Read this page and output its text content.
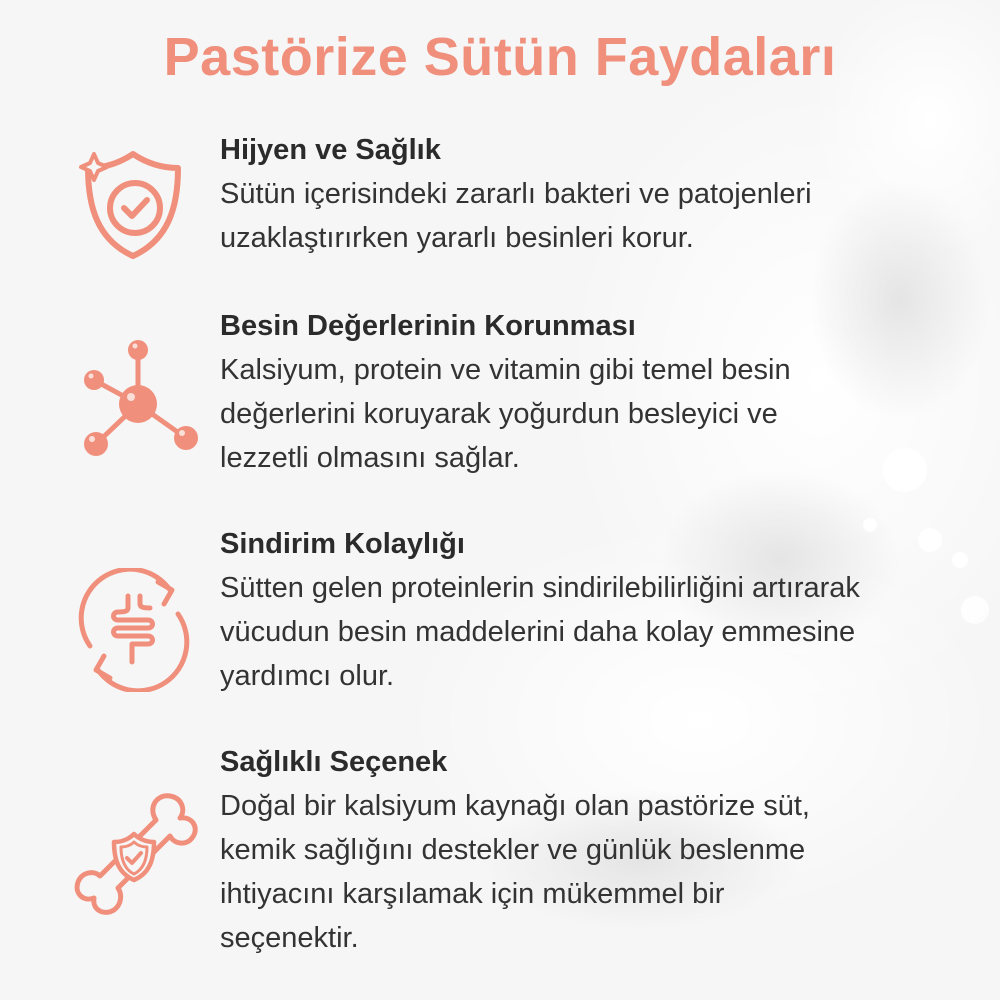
Pastörize Sütün Faydaları
Hijyen ve Sağlık

Sütün içerisindeki zararlı bakteri ve patojenleri
uzaklaştırırken yararlı besinleri korur.

Besin Değerlerinin Korunması

Kalsiyum, protein ve vitamin gibi temel besin
değerlerini koruyarak yoğurdun besleyici ve
lezzetli olmasını sağlar.

Sindirim Kolaylığı

Sütten gelen proteinlerin sindirilebilirliğini artırarak
vücudun besin maddelerini daha kolay emmesine
yardımcı olur.

Sağlıklı Seçenek

Doğal bir kalsiyum kaynağı olan pastörize süt,
kemik sağlığını destekler ve günlük beslenme
ihtiyacını karşılamak için mükemmel bir
seçenektir.
